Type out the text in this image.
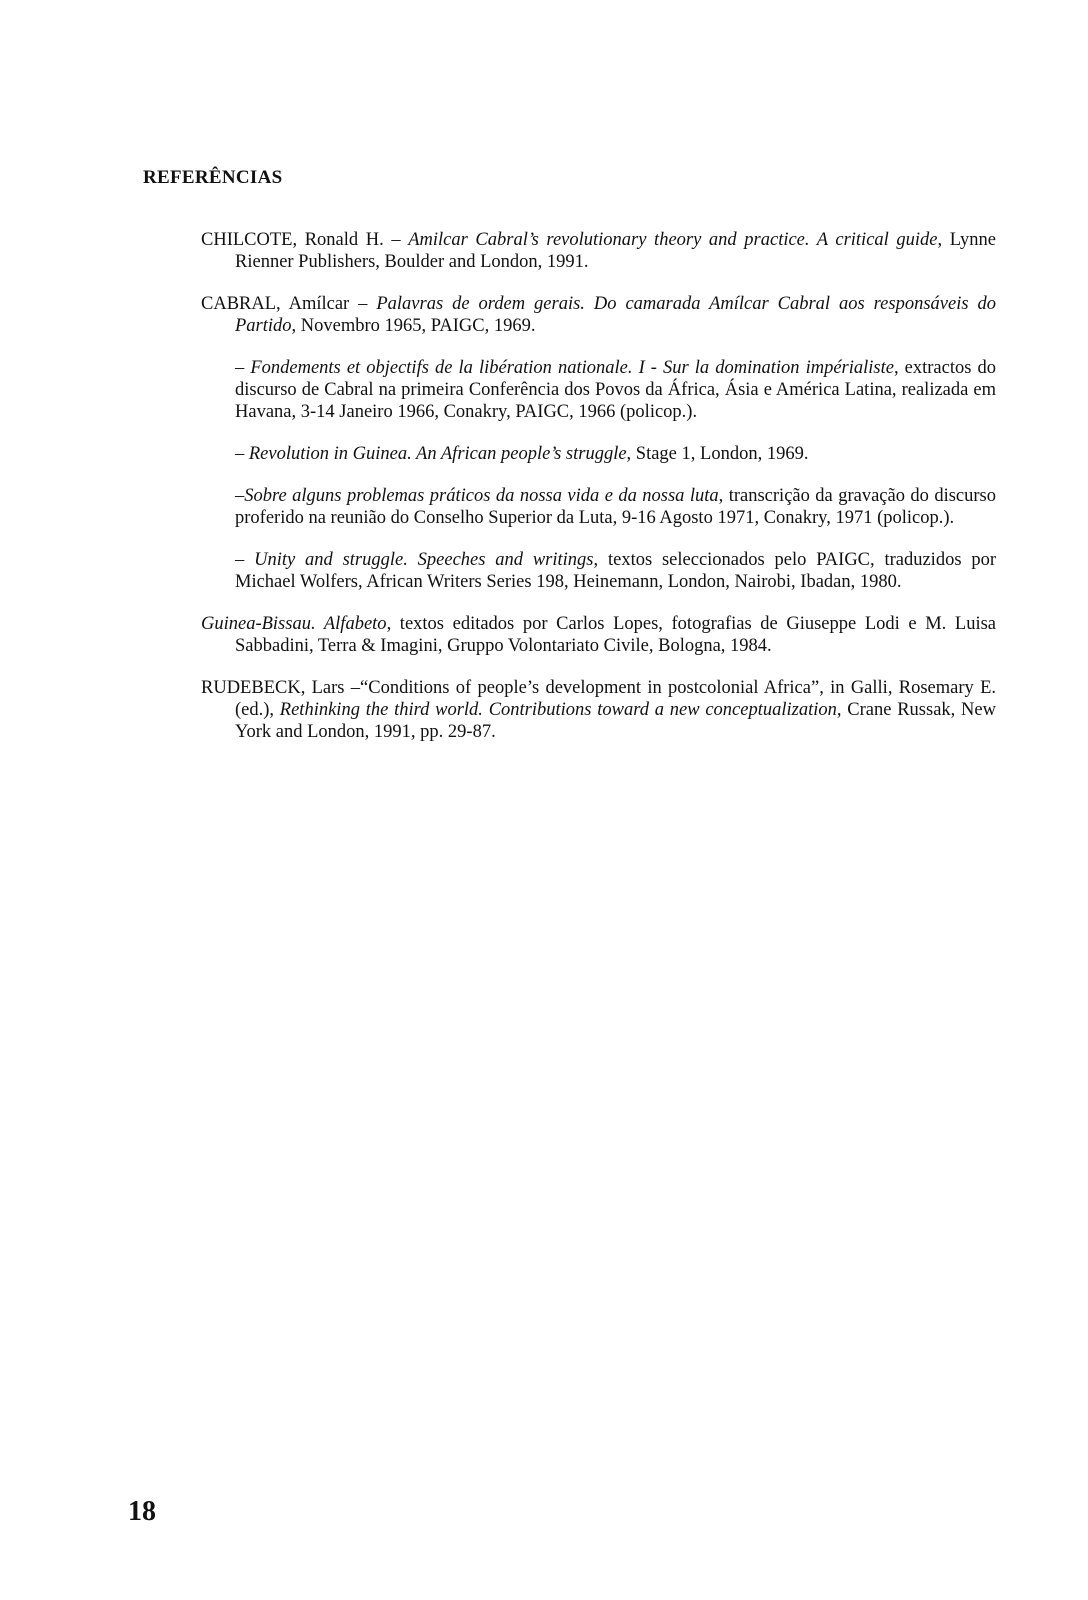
REFERÊNCIAS

CHILCOTE, Ronald H. – Amilcar Cabral’s revolutionary theory and practice. A critical guide, Lynne Rienner Publishers, Boulder and London, 1991.

CABRAL, Amílcar – Palavras de ordem gerais. Do camarada Amílcar Cabral aos responsáveis do Partido, Novembro 1965, PAIGC, 1969.

– Fondements et objectifs de la libération nationale. I - Sur la domination impérialiste, extractos do discurso de Cabral na primeira Conferência dos Povos da África, Ásia e América Latina, realizada em Havana, 3-14 Janeiro 1966, Conakry, PAIGC, 1966 (policop.).

– Revolution in Guinea. An African people’s struggle, Stage 1, London, 1969.

–Sobre alguns problemas práticos da nossa vida e da nossa luta, transcrição da gravação do discurso proferido na reunião do Conselho Superior da Luta, 9-16 Agosto 1971, Conakry, 1971 (policop.).

– Unity and struggle. Speeches and writings, textos seleccionados pelo PAIGC, traduzidos por Michael Wolfers, African Writers Series 198, Heinemann, London, Nairobi, Ibadan, 1980.

Guinea-Bissau. Alfabeto, textos editados por Carlos Lopes, fotografias de Giuseppe Lodi e M. Luisa Sabbadini, Terra & Imagini, Gruppo Volontariato Civile, Bologna, 1984.

RUDEBECK, Lars –“Conditions of people’s development in postcolonial Africa”, in Galli, Rosemary E. (ed.), Rethinking the third world. Contributions toward a new conceptualization, Crane Russak, New York and London, 1991, pp. 29-87.

18
